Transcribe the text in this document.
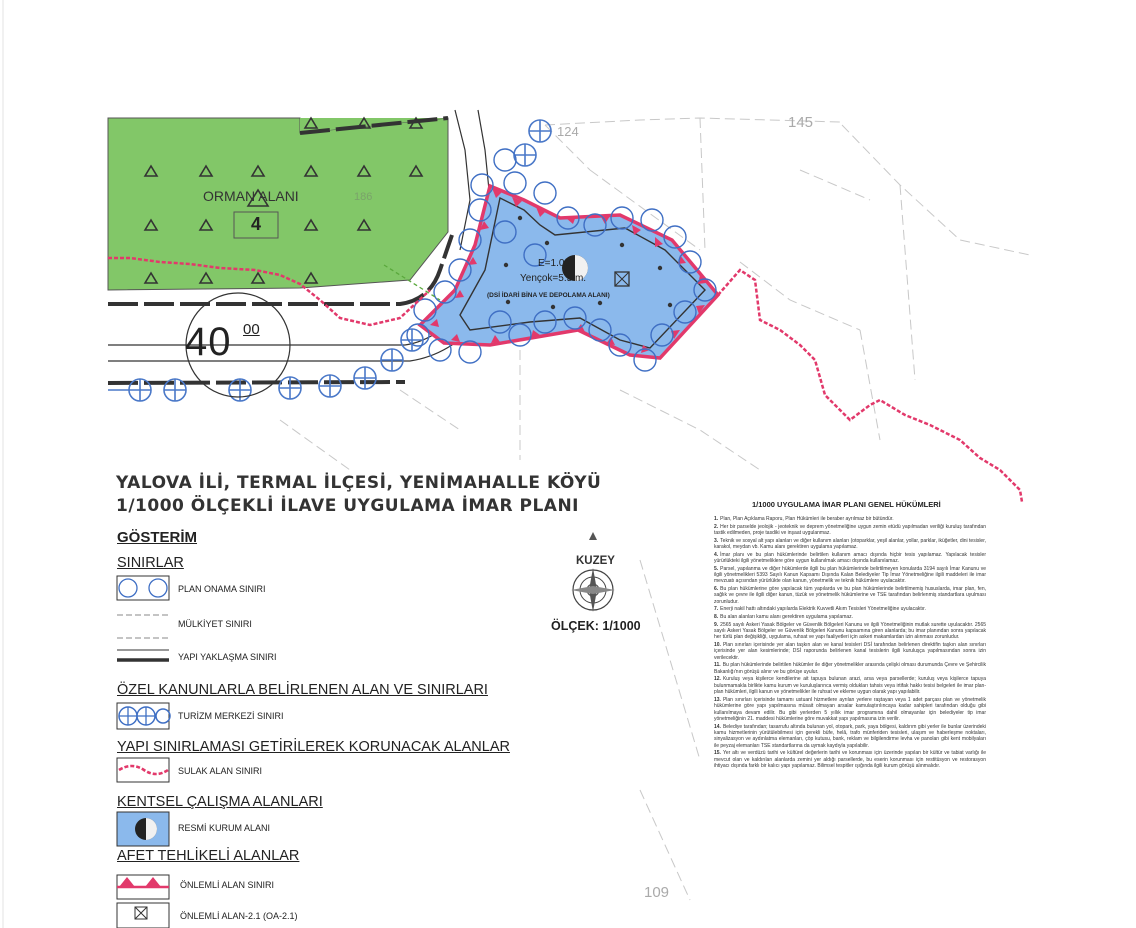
ORMAN ALANI
4
186
124
145
109
40 00
E=1.00
Yençok=5.5 m.
(DSİ İDARİ BİNA VE DEPOLAMA ALANI)
YALOVA İLİ, TERMAL İLÇESİ, YENİMAHALLE KÖYÜ
1/1000 ÖLÇEKLİ İLAVE UYGULAMA İMAR PLANI
GÖSTERİM
SINIRLAR
PLAN ONAMA SINIRI
MÜLKİYET SINIRI
YAPI YAKLAŞMA SINIRI
ÖZEL KANUNLARLA BELİRLENEN ALAN VE SINIRLARI
TURİZM MERKEZİ SINIRI
YAPI SINIRLAMASI GETİRİLEREK KORUNACAK ALANLAR
SULAK ALAN SINIRI
KENTSEL ÇALIŞMA ALANLARI
RESMİ KURUM ALANI
AFET TEHLİKELİ ALANLAR
ÖNLEMLİ ALAN SINIRI
ÖNLEMLİ ALAN-2.1 (OA-2.1)
KUZEY
ÖLÇEK: 1/1000
1/1000 UYGULAMA İMAR PLANI GENEL HÜKÜMLERİ
1. Plan, Plan Açıklama Raporu, Plan Hükümleri ile beraber ayrılmaz bir bütündür.
2. Her bir parselde jeolojik - jeoteknik ve deprem yönetmeliğine uygun zemin etüdü yapılmadan veriliği kuruluş tarafından tastik edilmeden, proje tasdiki ve inşaat uygulanmaz.
3. Teknik ve sosyal alt yapı alanları ve diğer kullanım alanları (otoparklar, yeşil alanlar, yollar, parklar, iküğetler, dini tesisler, karakol, meydan vb. Kamu alanı gerektiren uygulama yapılamaz.
4. İmar planı ve bu plan hükümlerinde belirtilen kullanım amacı dışında hiçbir tesis yapılamaz. Yapılacak tesisler yürürlükteki ilgili yönetmeliklere göre uygun kullanılmak amacı dışında kullanılamaz.
5. Parsel, yapılanma ve diğer hükümlerde ilgili bu plan hükümlerinde belirtilmeyen konularda 3194 sayılı İmar Kanunu ve ilgili yönetmelikleri 5393 Sayılı Kanun Kapsamı Dışında Kalan Belediyeler Tip İmar Yönetmeliğine ilgili maddeleri ile imar mevzuatı açısından yürürlükte olan kanun, yönetmelik ve teknik hükümlere uyulacaktır.
6. Bu plan hükümlerine göre yapılacak tüm yapılarda ve bu plan hükümlerinde belirtilmemiş hususlarda, imar plan, fen, sağlık ve çevre ile ilgili diğer kanun, tüzük ve yönetmelik hükümlerine ve TSE tarafından belirlenmiş standartlara uyulması zorunludur.
7. Enerji nakil hattı altındaki yapılarda Elektrik Kuvvetli Akım Tesisleri Yönetmeliğine uyulacaktır.
8. Bu alan alanları kamu alanı gerektiren uygulama yapılamaz.
9. 2565 sayılı Askeri Yasak Bölgeler ve Güvenlik Bölgeleri Kanunu ve ilgili Yönetmeliğinin mutlak surette uyulacaktır. 2565 sayılı Askeri Yasak Bölgeler ve Güvenlik Bölgeleri Kanunu kapsamına giren alanlarda; bu imar planından sonra yapılacak her türlü plan değişikliği, uygulama, ruhsat ve yapı faaliyetleri için askeri makamlardan izin alınması zorunludur.
10. Plan sınırları içerisinde yer alan taşkın alan ve kanal tesisleri DSİ tarafından belirlenen direktifin taşkın alan sınırları içerisinde yer alan kesimlerinde; DSİ raporunda belirlenen kanal tesislerin ilgili kuruluşça yapılmasından sonra izin verilecektir.
11. Bu plan hükümlerinde belirtilen hükümler ile diğer yönetmelikler arasında çelişki olması durumunda Çevre ve Şehircilik Bakanlığı'nın görüşü alınır ve bu görüşe uyulur.
12. Kuruluş veya kişilerce kendilerine ait tapuya bulunan arazi, arsa veya parsellerde; kuruluş veya kişilerce tapuya bulunmamakla birlikte kamu kurum ve kuruluşlarınca vermiş oldukları tahsis veya irtifak hakkı tesisi belgeleri ile imar plan-plan hükümleri, ilgili kanun ve yönetmelikler ile ruhsat ve ekleme uygun olarak yapı yapılabilir.
13. Plan sınırları içerisinde tamamı ustuanl hizmetlere ayrılan yerlere raştayan veya 1 adet parçası plan ve yönetmelik hükümlerine göre yapı yapılmasına müsait olmayan arsalar kamulaştırılıncaya kadar sahipleri tarafından olduğu gibi kullanılmaya devam edilir. Bu gibi yerlerden 5 yıllık imar programına dahil olmayanlar için belediyeler tip imar yönetmeliğinin 21. maddesi hükümlerine göre muvakkat yapı yapılmasına izin verilir.
14. Belediye tarafından; tasarrufu altında bulunan yol, otopark, park, yaya bölgesi, kaldırım gibi yerler ile bunlar üzerindeki kamu hizmetlerinin yürütülebilmesi için gerekli büfe, helâ, trafo münferiden tesisleri, ulaşım ve haberleşme noktaları, sinyalizasyon ve aydınlatma elemanları, çöp kutusu, bank, reklam ve bilgilendirme levha ve panoları gibi kent mobilyaları ile peyzaj elemanları TSE standartlarına da uymak kaydıyla yapılabilir.
15. Yer altı ve verdüzü tarihi ve kültürel değerlerin tarihi ve korunması için üzerinde yapılan bir kültür ve tabiat varlığı ile mevcut olan ve kaldırılan alanlarda zemini yer aldığı parsellerde, bu eserin korunması için restitüsyon ve restorasyon ihtiyacı dışında farklı bir kalıcı yapı yapılamaz. Bilimsel tespitler ışığında ilgili kurum görüşü alınmalıdır.
